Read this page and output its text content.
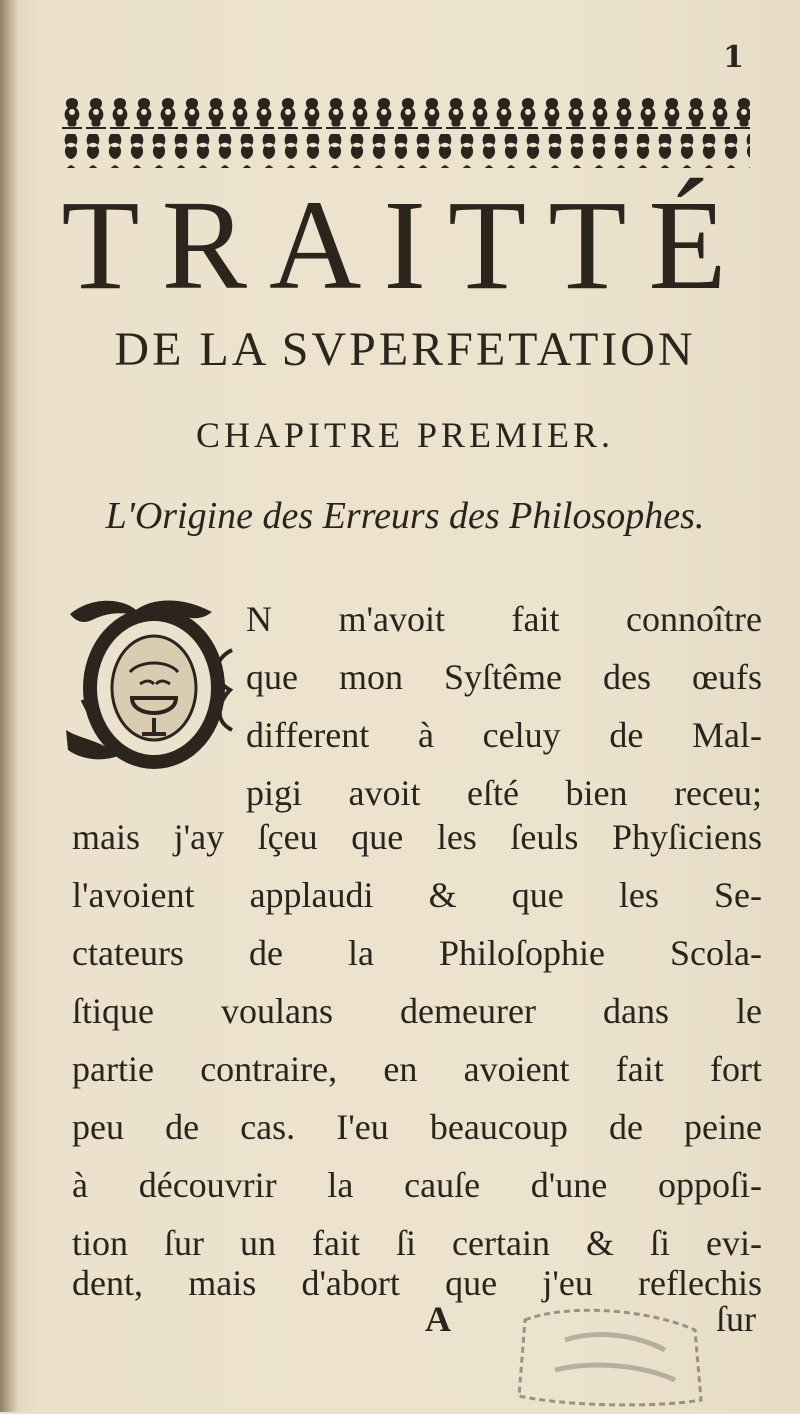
1
TRAITTÉ
DE LA SVPERFETATION
CHAPITRE PREMIER.
L'Origine des Erreurs des Philosophes.
N m'avoit fait connoître
que mon Syſtême des œufs
different à celuy de Mal-
pigi avoit eſté bien receu;
mais j'ay ſçeu que les ſeuls Phyſiciens
l'avoient applaudi & que les Se-
ctateurs de la Philoſophie Scola-
ſtique voulans demeurer dans le
partie contraire, en avoient fait fort
peu de cas. I'eu beaucoup de peine
à découvrir la cauſe d'une oppoſi-
tion ſur un fait ſi certain & ſi evi-
dent, mais d'abort que j'eu reflechis
A	ſur
